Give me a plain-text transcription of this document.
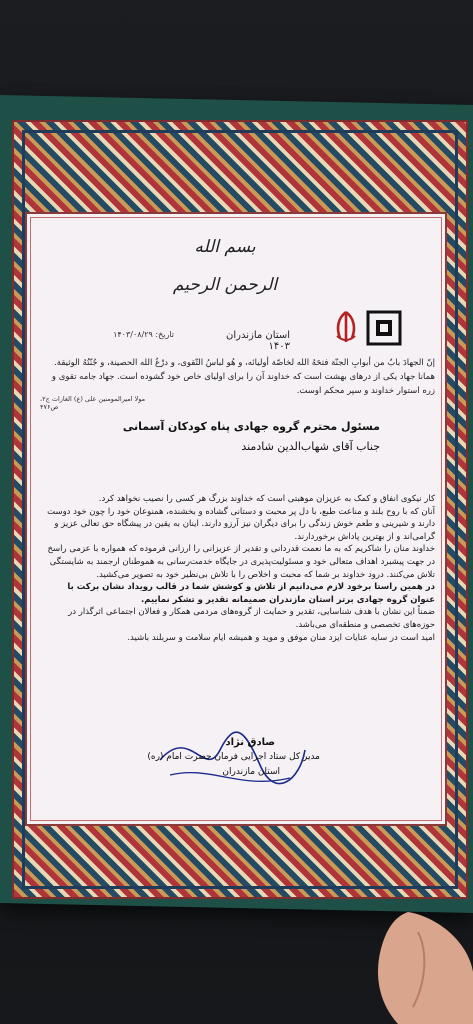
بسم الله الرحمن الرحیم
استان مازندران ۱۴۰۳
تاریخ: ۱۴۰۳/۰۸/۲۹
إنّ الجهادَ بابٌ من أبوابِ الجنّة فتحَهُ الله لخاصّة أوليائه، و هُو لباسُ التّقوى، و درْعُ الله الحصينة، و جُنّتُهُ الوثيقة.
همانا جهاد یکی از درهای بهشت است که خداوند آن را برای اولیای خاص خود گشوده است. جهاد جامه تقوی و زره استوار خداوند و سپر محکم اوست.
مولا امیرالمومنین علی (ع) الغارات ج۲، ص۴۷۶
مسئول محترم گروه جهادی پناه کودکان آسمانی
جناب آقای شهاب‌الدین شادمند

کار نیکوی انفاق و کمک به عزیزان موهبتی است که خداوند بزرگ هر کسی را نصیب نخواهد کرد.

آنان که با روح بلند و مناعت طبع، با دل پر محبت و دستانی گشاده و بخشنده، همنوعان خود را چون خود دوست دارند و شیرینی و طعم خوش زندگی را برای دیگران نیز آرزو دارند. اینان به یقین در پیشگاه حق تعالی عزیز و گرامی‌اند و از بهترین پاداش برخوردارند.

خداوند منان را شاکریم که به ما نعمت قدردانی و تقدیر از عزیزانی را ارزانی فرموده که همواره با عزمی راسخ در جهت پیشبرد اهداف متعالی خود و مسئولیت‌پذیری در جایگاه خدمت‌رسانی به هموطنان ارجمند به شایستگی تلاش می‌کنند. درود خداوند بر شما که محبت و اخلاص را با تلاش بی‌نظیر خود به تصویر می‌کشید.

در همین راستا برخود لازم می‌دانیم از تلاش و کوشش شما در قالب رویداد نشان برکت با عنوان گروه جهادی برتر استان مازندران صمیمانه تقدیر و تشکر نماییم.

ضمناً این نشان با هدف شناسایی، تقدیر و حمایت از گروه‌های مردمی همکار و فعالان اجتماعی اثرگذار در حوزه‌های تخصصی و منطقه‌ای می‌باشد.

امید است در سایه عنایات ایزد منان موفق و موید و همیشه ایام سلامت و سربلند باشید.

صادق نژاد
مدیر کل ستاد اجرایی فرمان حضرت امام (ره)
استان مازندران
